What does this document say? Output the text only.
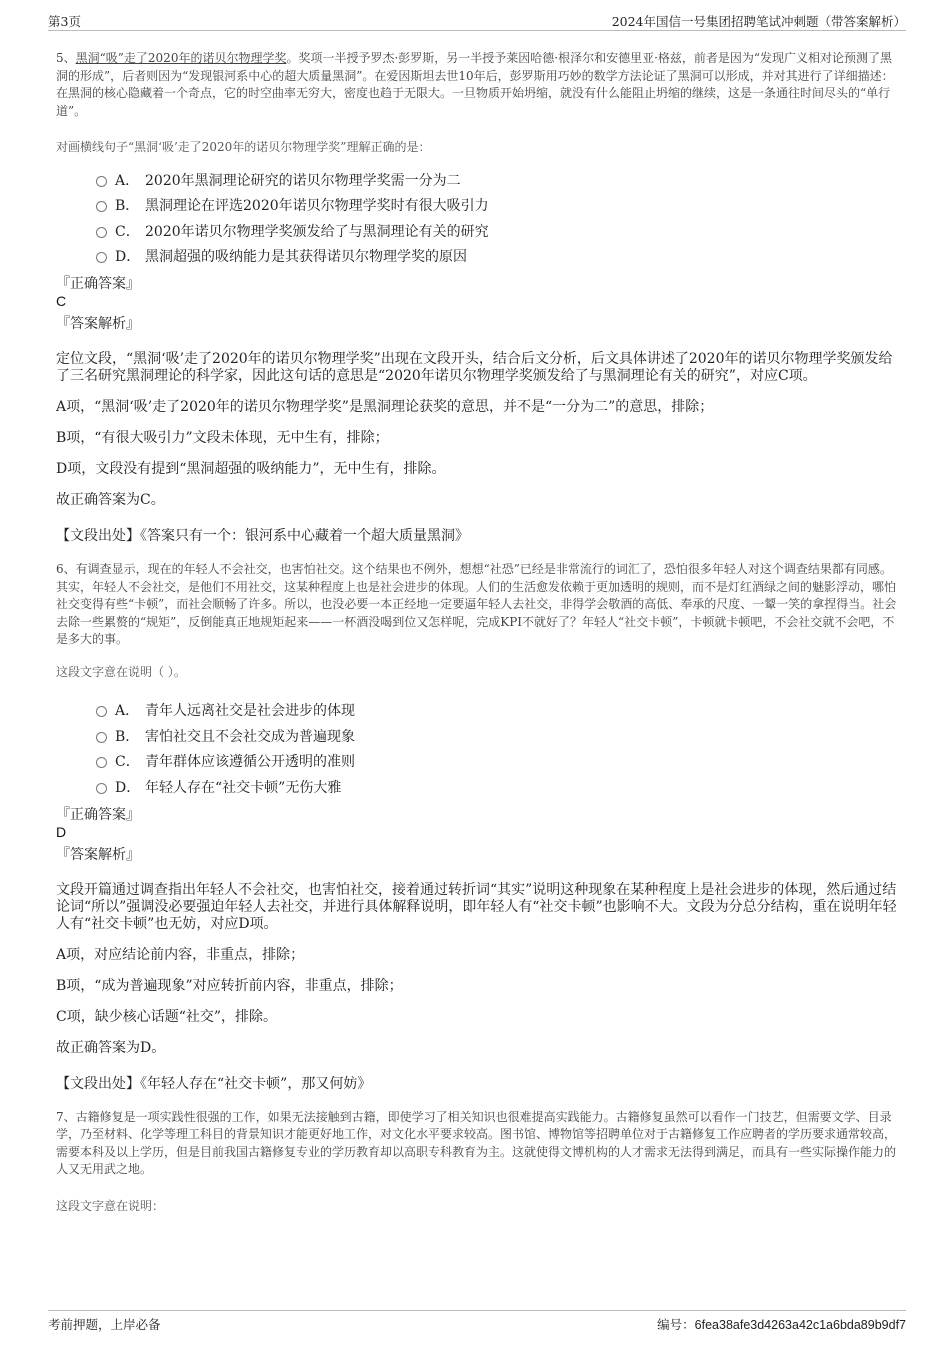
第3页	2024年国信一号集团招聘笔试冲刺题（带答案解析）

5、黑洞“吸”走了2020年的诺贝尔物理学奖。奖项一半授予罗杰·彭罗斯，另一半授予莱因哈德·根泽尔和安德里亚·格兹，前者是因为“发现广义相对论预测了黑洞的形成”，后者则因为“发现银河系中心的超大质量黑洞”。在爱因斯坦去世10年后，彭罗斯用巧妙的数学方法论证了黑洞可以形成，并对其进行了详细描述：在黑洞的核心隐藏着一个奇点，它的时空曲率无穷大，密度也趋于无限大。一旦物质开始坍缩，就没有什么能阻止坍缩的继续，这是一条通往时间尽头的“单行道”。

对画横线句子“黑洞‘吸’走了2020年的诺贝尔物理学奖”理解正确的是：
A． 2020年黑洞理论研究的诺贝尔物理学奖需一分为二
B． 黑洞理论在评选2020年诺贝尔物理学奖时有很大吸引力
C． 2020年诺贝尔物理学奖颁发给了与黑洞理论有关的研究
D． 黑洞超强的吸纳能力是其获得诺贝尔物理学奖的原因
『正确答案』
C
『答案解析』

定位文段，“黑洞‘吸’走了2020年的诺贝尔物理学奖”出现在文段开头，结合后文分析，后文具体讲述了2020年的诺贝尔物理学奖颁发给了三名研究黑洞理论的科学家，因此这句话的意思是“2020年诺贝尔物理学奖颁发给了与黑洞理论有关的研究”，对应C项。

A项，“黑洞‘吸’走了2020年的诺贝尔物理学奖”是黑洞理论获奖的意思，并不是“一分为二”的意思，排除；

B项，“有很大吸引力”文段未体现，无中生有，排除；

D项，文段没有提到“黑洞超强的吸纳能力”，无中生有，排除。

故正确答案为C。

【文段出处】《答案只有一个：银河系中心藏着一个超大质量黑洞》

6、有调查显示，现在的年轻人不会社交，也害怕社交。这个结果也不例外，想想“社恐”已经是非常流行的词汇了，恐怕很多年轻人对这个调查结果都有同感。其实，年轻人不会社交，是他们不用社交，这某种程度上也是社会进步的体现。人们的生活愈发依赖于更加透明的规则，而不是灯红酒绿之间的魅影浮动，哪怕社交变得有些“卡顿”，而社会顺畅了许多。所以，也没必要一本正经地一定要逼年轻人去社交，非得学会敬酒的高低、奉承的尺度、一颦一笑的拿捏得当。社会去除一些累赘的“规矩”，反倒能真正地规矩起来——一杯酒没喝到位又怎样呢，完成KPI不就好了？年轻人“社交卡顿”，卡顿就卡顿吧，不会社交就不会吧，不是多大的事。

这段文字意在说明（ ）。
A． 青年人远离社交是社会进步的体现
B． 害怕社交且不会社交成为普遍现象
C． 青年群体应该遵循公开透明的准则
D． 年轻人存在“社交卡顿”无伤大雅
『正确答案』
D
『答案解析』

文段开篇通过调查指出年轻人不会社交，也害怕社交，接着通过转折词“其实”说明这种现象在某种程度上是社会进步的体现，然后通过结论词“所以”强调没必要强迫年轻人去社交，并进行具体解释说明，即年轻人有“社交卡顿”也影响不大。文段为分总分结构，重在说明年轻人有“社交卡顿”也无妨，对应D项。

A项，对应结论前内容，非重点，排除；

B项，“成为普遍现象”对应转折前内容，非重点，排除；

C项，缺少核心话题“社交”，排除。

故正确答案为D。

【文段出处】《年轻人存在“社交卡顿”，那又何妨》

7、古籍修复是一项实践性很强的工作，如果无法接触到古籍，即使学习了相关知识也很难提高实践能力。古籍修复虽然可以看作一门技艺，但需要文学、目录学，乃至材料、化学等理工科目的背景知识才能更好地工作，对文化水平要求较高。图书馆、博物馆等招聘单位对于古籍修复工作应聘者的学历要求通常较高，需要本科及以上学历，但是目前我国古籍修复专业的学历教育却以高职专科教育为主。这就使得文博机构的人才需求无法得到满足，而具有一些实际操作能力的人又无用武之地。

这段文字意在说明：
考前押题，上岸必备	编号：6fea38afe3d4263a42c1a6bda89b9df7
